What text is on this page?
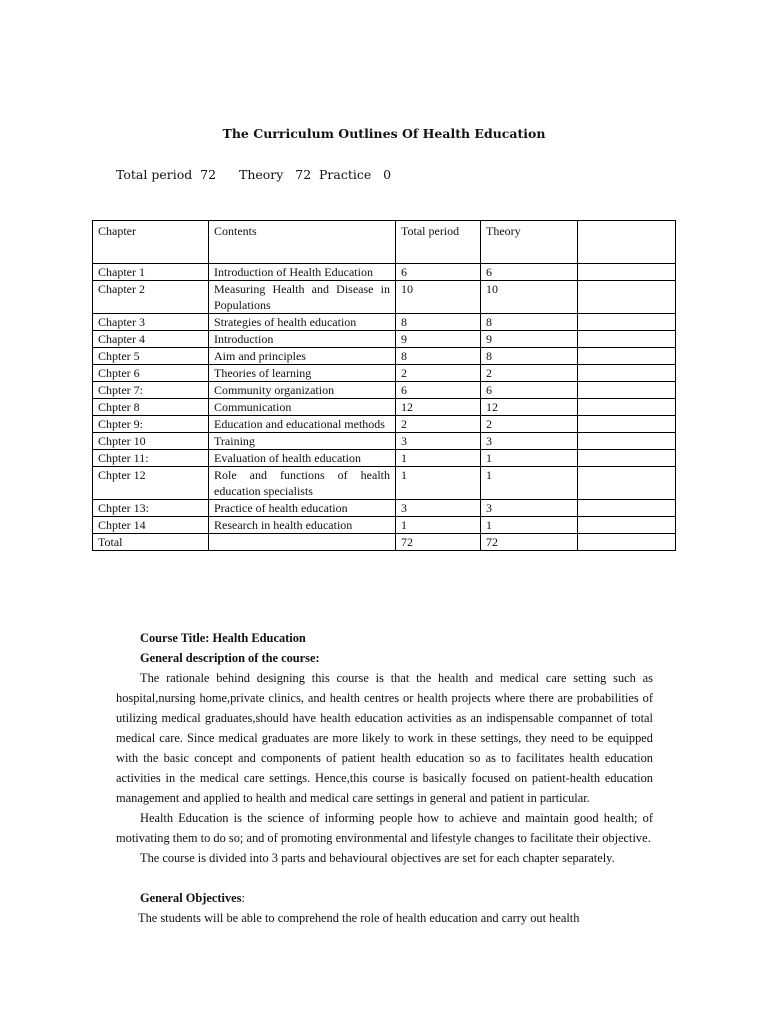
The Curriculum Outlines Of Health Education
Total period  72 Theory   72 Practice   0
Chapter	Contents	Total period	Theory	
Chapter 1	Introduction of Health Education	6	6	
Chapter 2	Measuring Health and Disease in Populations	10	10	
Chapter 3	Strategies of health education	8	8	
Chapter 4	Introduction	9	9	
Chpter 5	Aim and principles	8	8	
Chpter 6	Theories of learning	2	2	
Chpter 7:	Community organization	6	6	
Chpter 8	Communication	12	12	
Chpter 9:	Education and educational methods	2	2	
Chpter 10	Training	3	3	
Chpter 11:	Evaluation of health education	1	1	
Chpter 12	Role and functions of health education specialists	1	1	
Chpter 13:	Practice of health education	3	3	
Chpter 14	Research in health education	1	1	
Total		72	72	
Course Title: Health Education
General description of the course:

The rationale behind designing this course is that the health and medical care setting such as hospital,nursing home,private clinics, and health centres or health projects where there are probabilities of utilizing medical graduates,should have health education activities as an indispensable compannet of total medical care. Since medical graduates are more likely to work in these settings, they need to be equipped with the basic concept and components of patient health education so as to facilitates health education activities in the medical care settings. Hence,this course is basically focused on patient-health education management and applied to health and medical care settings in general and patient in particular.

Health Education is the science of informing people how to achieve and maintain good health; of motivating them to do so; and of promoting environmental and lifestyle changes to facilitate their objective.

The course is divided into 3 parts and behavioural objectives are set for each chapter separately.

General Objectives:

The students will be able to comprehend the role of health education and carry out health
